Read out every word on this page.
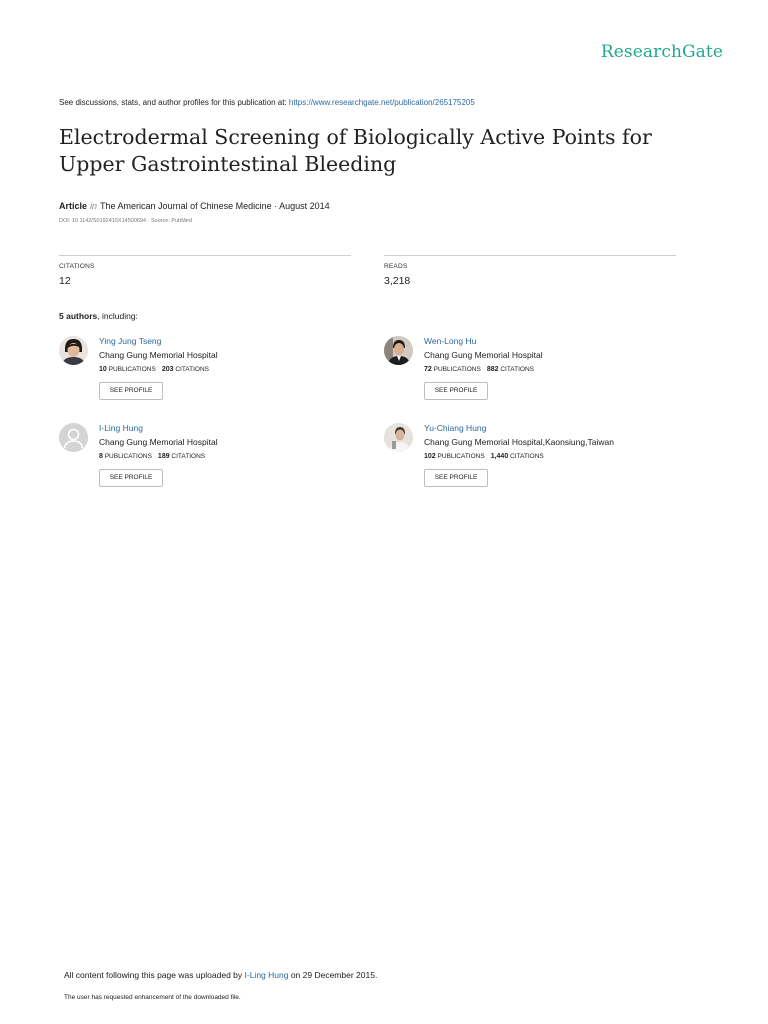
ResearchGate
See discussions, stats, and author profiles for this publication at: https://www.researchgate.net/publication/265175205
Electrodermal Screening of Biologically Active Points for Upper Gastrointestinal Bleeding
Article in The American Journal of Chinese Medicine · August 2014
DOI: 10.1142/S0192415X14500694 · Source: PubMed
CITATIONS
12
READS
3,218
5 authors, including:
Ying Jung Tseng
Chang Gung Memorial Hospital
10 PUBLICATIONS 203 CITATIONS
SEE PROFILE
Wen-Long Hu
Chang Gung Memorial Hospital
72 PUBLICATIONS 882 CITATIONS
SEE PROFILE
I-Ling Hung
Chang Gung Memorial Hospital
8 PUBLICATIONS 189 CITATIONS
SEE PROFILE
Yu-Chiang Hung
Chang Gung Memorial Hospital,Kaonsiung,Taiwan
102 PUBLICATIONS 1,440 CITATIONS
SEE PROFILE
All content following this page was uploaded by I-Ling Hung on 29 December 2015.
The user has requested enhancement of the downloaded file.
